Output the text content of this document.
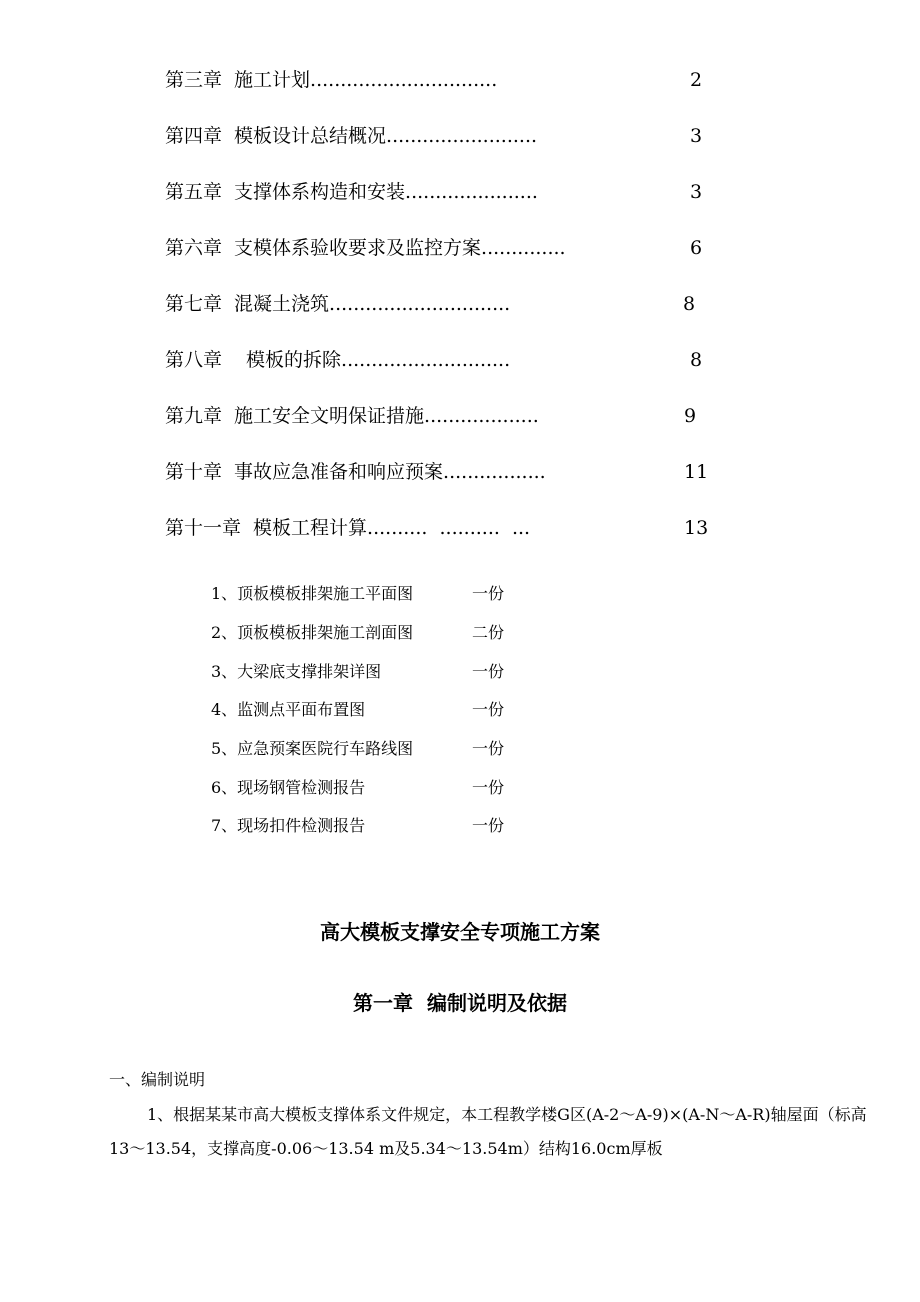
第三章 施工计划...............................	2
第四章 模板设计总结概况.........................	3
第五章 支撑体系构造和安装......................	3
第六章 支模体系验收要求及监控方案..............	6
第七章 混凝土浇筑..............................	8
第八章模板的拆除............................	8
第九章 施工安全文明保证措施...................	9
第十章 事故应急准备和响应预案.................	11
第十一章 模板工程计算..........  ..........  ...	13
1、顶板模板排架施工平面图	一份
2、顶板模板排架施工剖面图	二份
3、大梁底支撑排架详图	一份
4、监测点平面布置图	一份
5、应急预案医院行车路线图	一份
6、现场钢管检测报告	一份
7、现场扣件检测报告	一份
高大模板支撑安全专项施工方案
第一章  编制说明及依据
一、编制说明
1、根据某某市高大模板支撑体系文件规定，本工程教学楼G区(A-2～A-9)×(A-N～A-R)轴屋面（标高13～13.54，支撑高度-0.06～13.54 m及5.34～13.54m）结构16.0cm厚板
